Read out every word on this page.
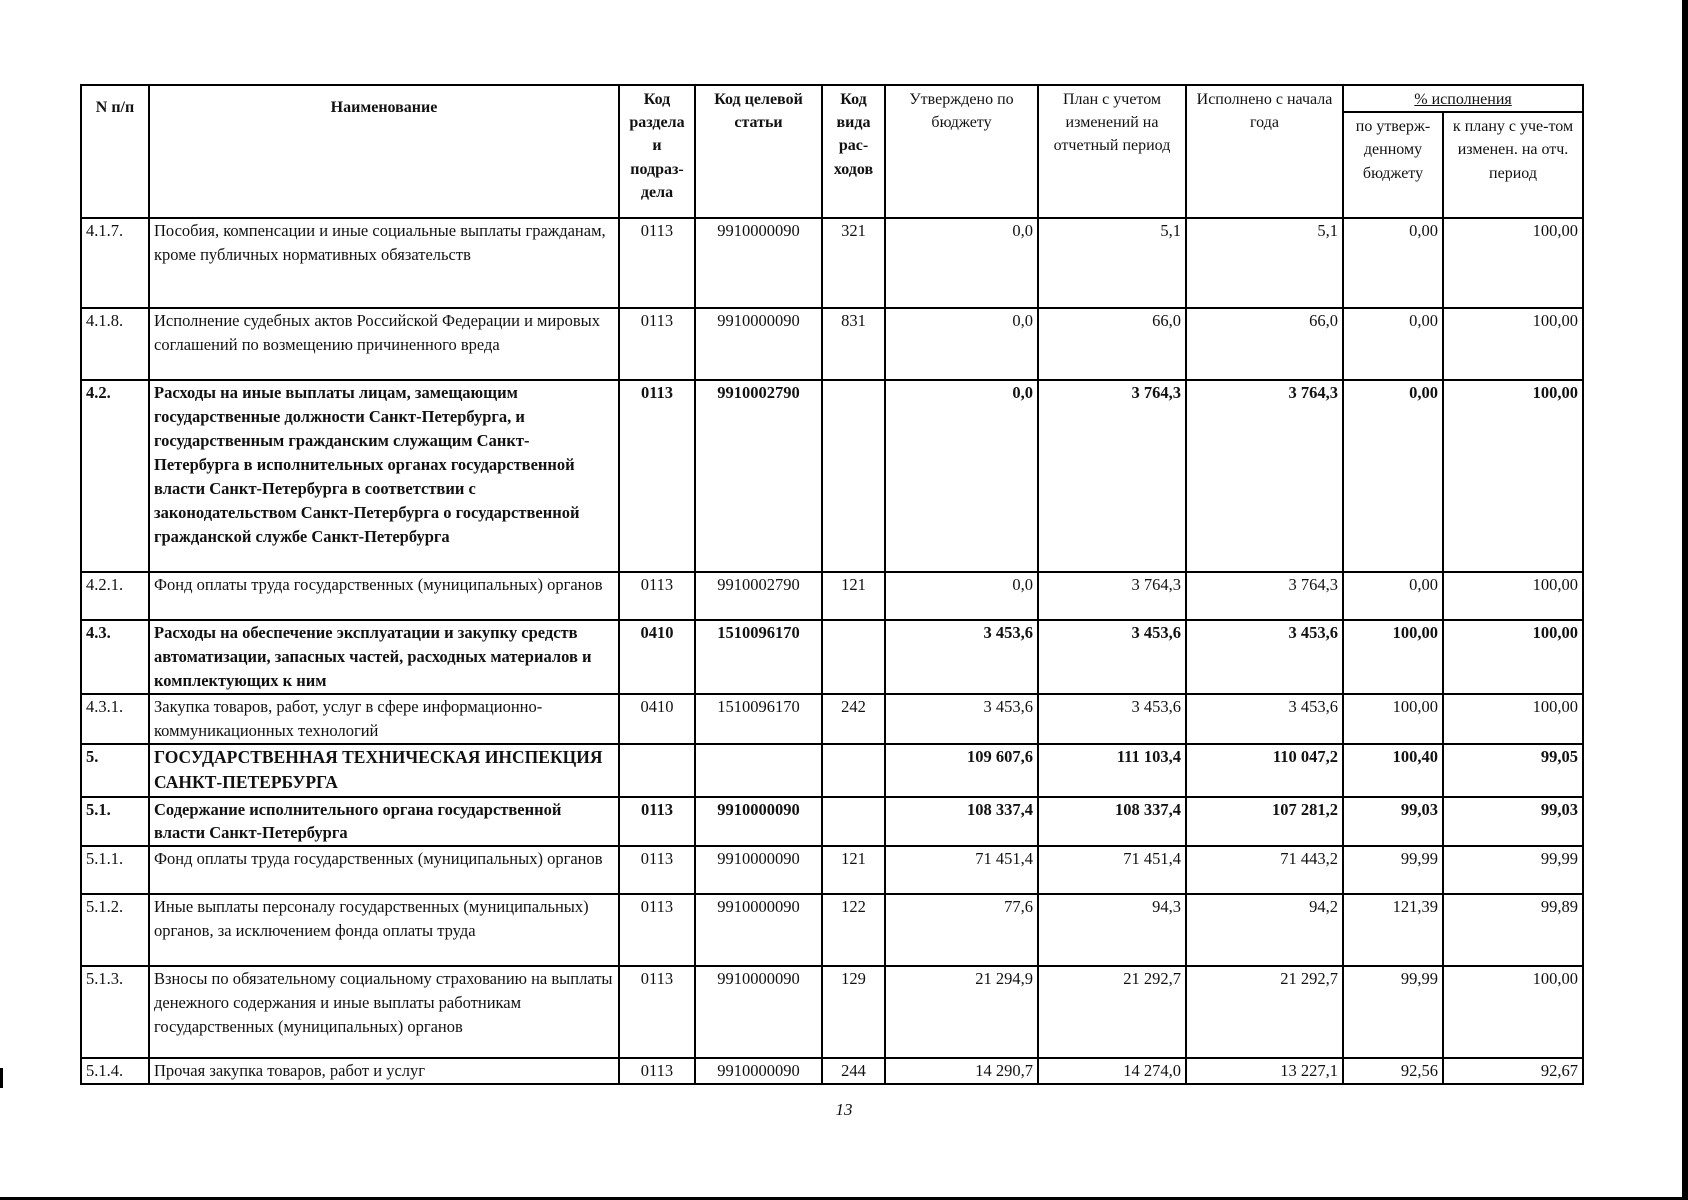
N п/п	Наименование	Код раздела и подраз-дела	Код целевой статьи	Код вида рас-ходов	Утверждено по бюджету	План с учетом изменений на отчетный период	Исполнено с начала года	% исполнения	
								по утверж-денному бюджету	к плану с уче-том изменен. на отч. период
4.1.7.	Пособия, компенсации и иные социальные выплаты гражданам, кроме публичных нормативных обязательств	0113	9910000090	321	0,0	5,1	5,1	0,00	100,00
4.1.8.	Исполнение судебных актов Российской Федерации и мировых соглашений по возмещению причиненного вреда	0113	9910000090	831	0,0	66,0	66,0	0,00	100,00
4.2.	Расходы на иные выплаты лицам, замещающим государственные должности Санкт-Петербурга, и государственным гражданским служащим Санкт-Петербурга в исполнительных органах государственной власти Санкт-Петербурга в соответствии с законодательством Санкт-Петербурга о государственной гражданской службе Санкт-Петербурга	0113	9910002790		0,0	3 764,3	3 764,3	0,00	100,00
4.2.1.	Фонд оплаты труда государственных (муниципальных) органов	0113	9910002790	121	0,0	3 764,3	3 764,3	0,00	100,00
4.3.	Расходы на обеспечение эксплуатации и закупку средств автоматизации, запасных частей, расходных материалов и комплектующих к ним	0410	1510096170		3 453,6	3 453,6	3 453,6	100,00	100,00
4.3.1.	Закупка товаров, работ, услуг в сфере информационно-коммуникационных технологий	0410	1510096170	242	3 453,6	3 453,6	3 453,6	100,00	100,00
5.	ГОСУДАРСТВЕННАЯ ТЕХНИЧЕСКАЯ ИНСПЕКЦИЯ САНКТ-ПЕТЕРБУРГА				109 607,6	111 103,4	110 047,2	100,40	99,05
5.1.	Содержание исполнительного органа государственной власти Санкт-Петербурга	0113	9910000090		108 337,4	108 337,4	107 281,2	99,03	99,03
5.1.1.	Фонд оплаты труда государственных (муниципальных) органов	0113	9910000090	121	71 451,4	71 451,4	71 443,2	99,99	99,99
5.1.2.	Иные выплаты персоналу государственных (муниципальных) органов, за исключением фонда оплаты труда	0113	9910000090	122	77,6	94,3	94,2	121,39	99,89
5.1.3.	Взносы по обязательному социальному страхованию на выплаты денежного содержания и иные выплаты работникам государственных (муниципальных) органов	0113	9910000090	129	21 294,9	21 292,7	21 292,7	99,99	100,00
5.1.4.	Прочая закупка товаров, работ и услуг	0113	9910000090	244	14 290,7	14 274,0	13 227,1	92,56	92,67
13
